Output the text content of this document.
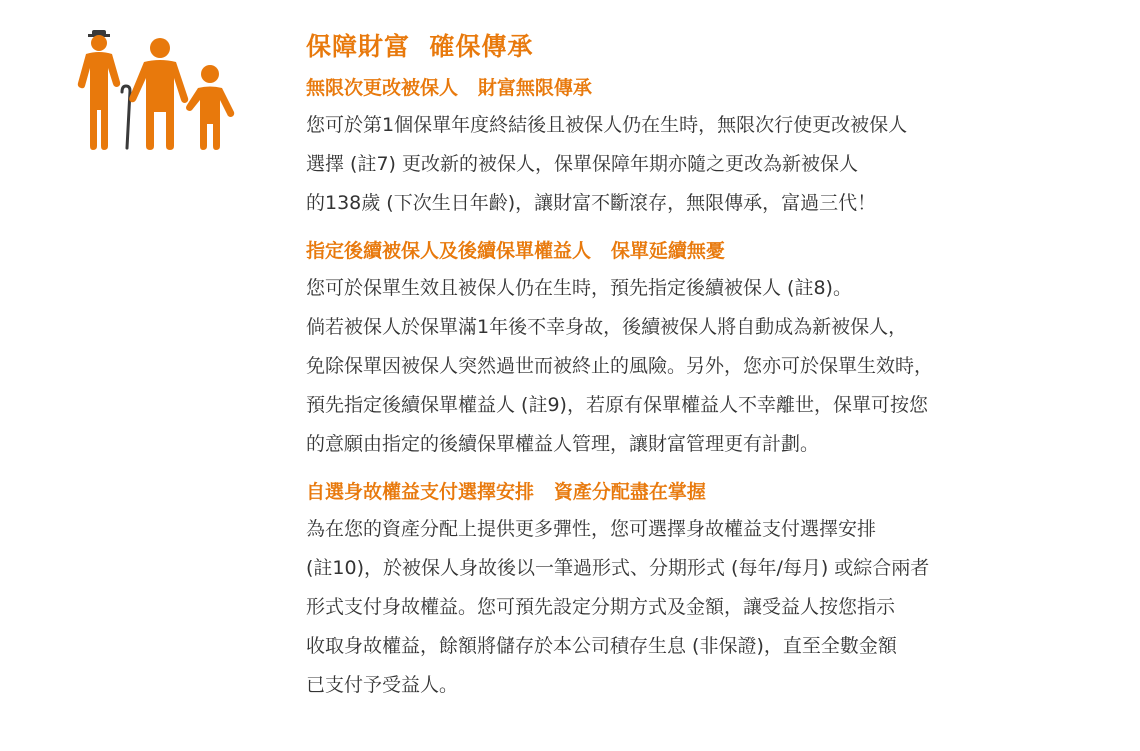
保障財富  確保傳承
無限次更改被保人   財富無限傳承
您可於第1個保單年度終結後且被保人仍在生時，無限次行使更改被保人
選擇 (註7) 更改新的被保人，保單保障年期亦隨之更改為新被保人
的138歲 (下次生日年齡)，讓財富不斷滾存，無限傳承，富過三代！
指定後續被保人及後續保單權益人   保單延續無憂
您可於保單生效且被保人仍在生時，預先指定後續被保人 (註8)。
倘若被保人於保單滿1年後不幸身故，後續被保人將自動成為新被保人，
免除保單因被保人突然過世而被終止的風險。另外，您亦可於保單生效時，
預先指定後續保單權益人 (註9)，若原有保單權益人不幸離世，保單可按您
的意願由指定的後續保單權益人管理，讓財富管理更有計劃。
自選身故權益支付選擇安排   資產分配盡在掌握
為在您的資產分配上提供更多彈性，您可選擇身故權益支付選擇安排
(註10)，於被保人身故後以一筆過形式、分期形式 (每年/每月) 或綜合兩者
形式支付身故權益。您可預先設定分期方式及金額，讓受益人按您指示
收取身故權益，餘額將儲存於本公司積存生息 (非保證)，直至全數金額
已支付予受益人。
